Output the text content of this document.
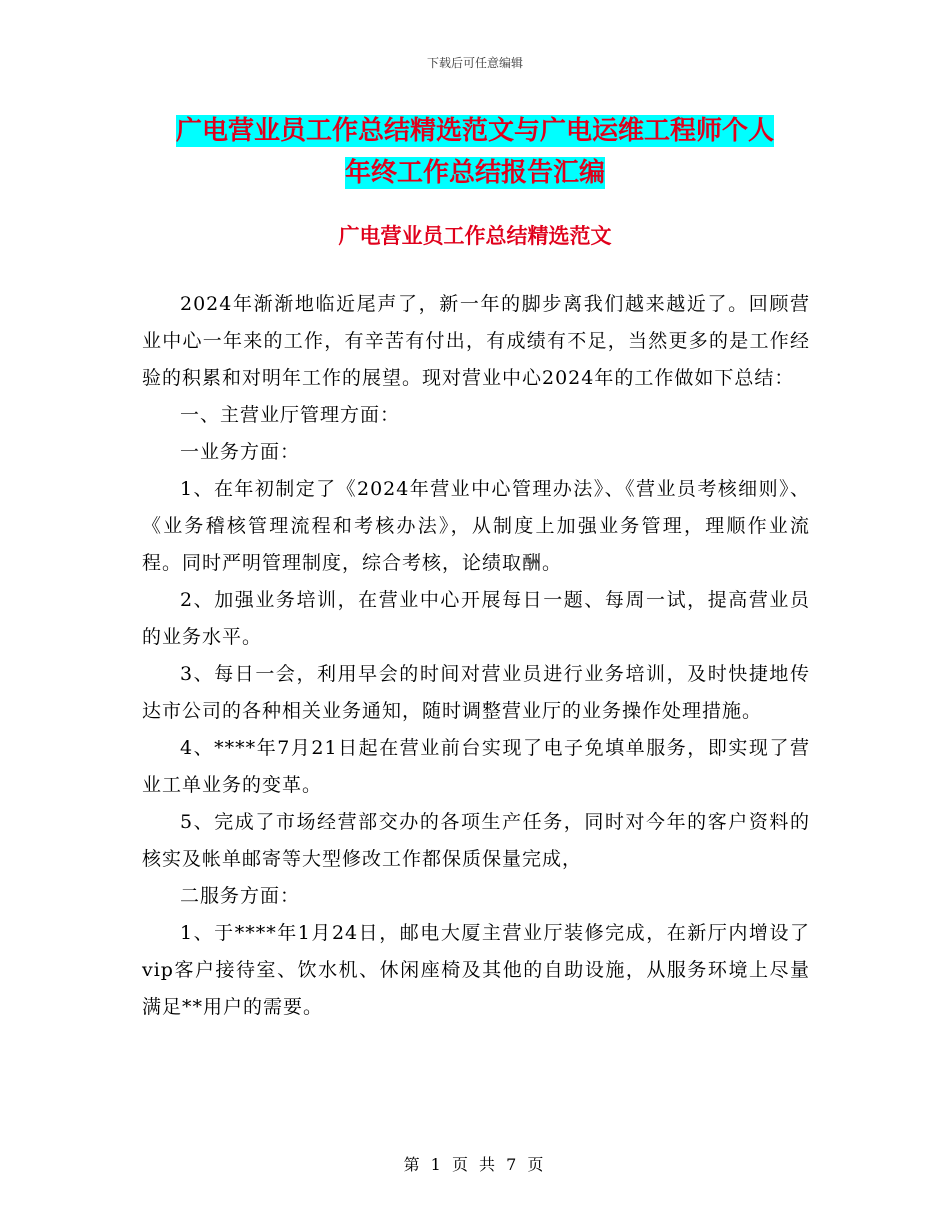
下载后可任意编辑
广电营业员工作总结精选范文与广电运维工程师个人
年终工作总结报告汇编
广电营业员工作总结精选范文

2024年渐渐地临近尾声了，新一年的脚步离我们越来越近了。回顾营业中心一年来的工作，有辛苦有付出，有成绩有不足，当然更多的是工作经验的积累和对明年工作的展望。现对营业中心2024年的工作做如下总结：

一、主营业厅管理方面：

一业务方面：

1、在年初制定了《2024年营业中心管理办法》、《营业员考核细则》、《业务稽核管理流程和考核办法》，从制度上加强业务管理，理顺作业流程。同时严明管理制度，综合考核，论绩取酬。

2、加强业务培训，在营业中心开展每日一题、每周一试，提高营业员的业务水平。

3、每日一会，利用早会的时间对营业员进行业务培训，及时快捷地传达市公司的各种相关业务通知，随时调整营业厅的业务操作处理措施。

4、****年7月21日起在营业前台实现了电子免填单服务，即实现了营业工单业务的变革。

5、完成了市场经营部交办的各项生产任务，同时对今年的客户资料的核实及帐单邮寄等大型修改工作都保质保量完成，

二服务方面：

1、于****年1月24日，邮电大厦主营业厅装修完成，在新厅内增设了vip客户接待室、饮水机、休闲座椅及其他的自助设施，从服务环境上尽量满足**用户的需要。

第 1 页 共 7 页
